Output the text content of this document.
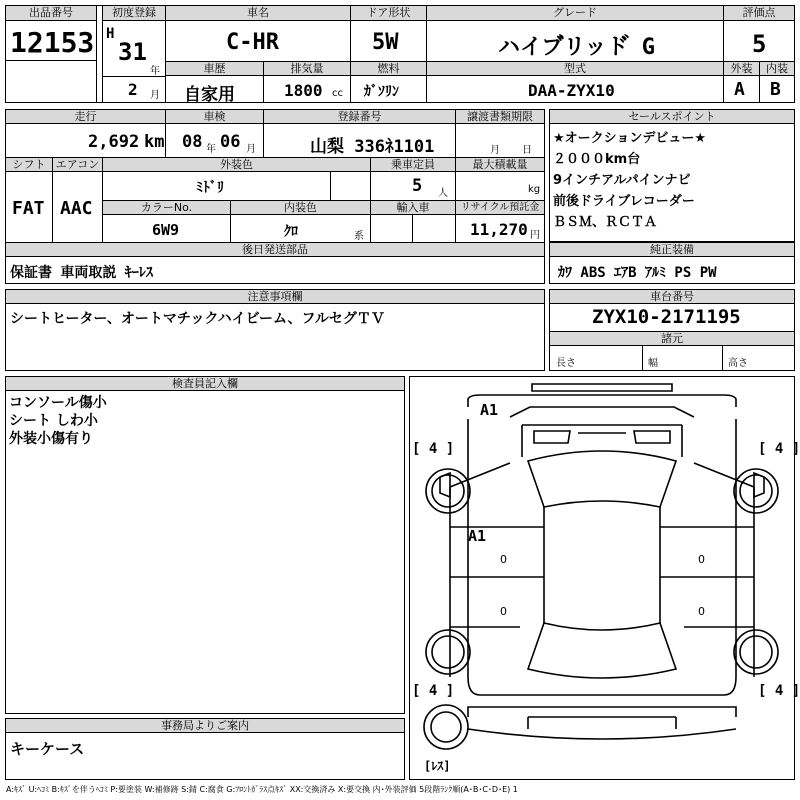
出品番号
12153
初度登録
H
31
年
2 月
車名
C-HR
ドア形状
5W
グレード
ハイブ゙リッド゙ G
評価点
5
車歴
自家用
排気量
1800 cc
燃料
ｶﾞｿﾘﾝ
型式
DAA-ZYX10
外装	内装
A B
走行	車検	登録番号	譲渡書類期限
2,692 km 08 年 06 月	山梨 336ﾈ1101	月 日
シフト エアコン
FAT AAC
外装色	乗車定員	最大積載量
ﾐﾄﾞﾘ	5 人	kg
カラーNo.	内装色	輸入車	リサイクル預託金
6W9	ｸﾛ	系	11,270 円
後日発送部品
保証書 車両取説 ｷｰﾚｽ
セールスポイント
★オークションデビュー★
２０００km台
9インチアルパインナビ
前後ドライブレコーダー
ＢＳＭ、ＲＣＴＡ
純正装備
ｶﾜ ABS ｴｱB ｱﾙﾐ PS PW
注意事項欄
シートヒーター、オートマチックハイビーム、フルセグＴＶ
車台番号
ZYX10-2171195
諸元
長さ	幅	高さ
検査員記入欄
コンソール傷小
シート しわ小
外装小傷有り
0
0
0
0
A1
A1
[ 4 ]	[ 4 ]
[ 4 ]	[ 4 ]
[ﾚｽ]
事務局よりご案内
キーケース
A:ｷｽﾞ U:ﾍｺﾐ B:ｷｽﾞを伴うﾍｺﾐ P:要塗装 W:補修跡 S:錆 C:腐食 G:ﾌﾛﾝﾄｶﾞﾗｽ点ｷｽﾞ XX:交換済み X:要交換 内･外装評価 5段階ﾗﾝｸ順(A･B･C･D･E) 1
